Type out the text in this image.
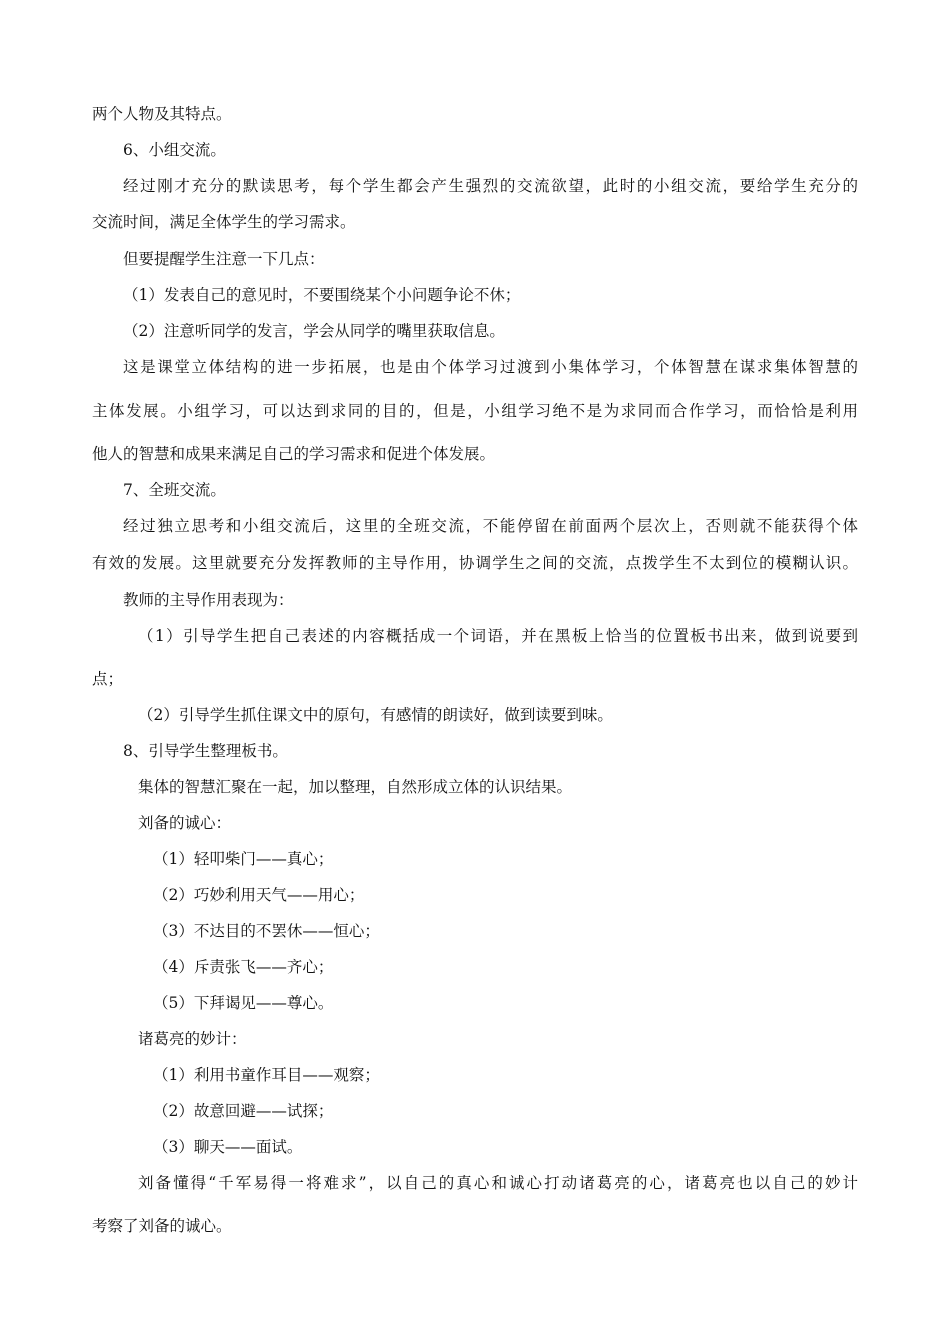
两个人物及其特点。
6、小组交流。
经过刚才充分的默读思考，每个学生都会产生强烈的交流欲望，此时的小组交流，要给学生充分的
交流时间，满足全体学生的学习需求。
但要提醒学生注意一下几点：
（1）发表自己的意见时，不要围绕某个小问题争论不休；
（2）注意听同学的发言，学会从同学的嘴里获取信息。
这是课堂立体结构的进一步拓展，也是由个体学习过渡到小集体学习，个体智慧在谋求集体智慧的
主体发展。小组学习，可以达到求同的目的，但是，小组学习绝不是为求同而合作学习，而恰恰是利用
他人的智慧和成果来满足自己的学习需求和促进个体发展。
7、全班交流。
经过独立思考和小组交流后，这里的全班交流，不能停留在前面两个层次上，否则就不能获得个体
有效的发展。这里就要充分发挥教师的主导作用，协调学生之间的交流，点拨学生不太到位的模糊认识。
教师的主导作用表现为：
（1）引导学生把自己表述的内容概括成一个词语，并在黑板上恰当的位置板书出来，做到说要到
点；
（2）引导学生抓住课文中的原句，有感情的朗读好，做到读要到味。
8、引导学生整理板书。
集体的智慧汇聚在一起，加以整理，自然形成立体的认识结果。
刘备的诚心：
（1）轻叩柴门——真心；
（2）巧妙利用天气——用心；
（3）不达目的不罢休——恒心；
（4）斥责张飞——齐心；
（5）下拜谒见——尊心。
诸葛亮的妙计：
（1）利用书童作耳目——观察；
（2）故意回避——试探；
（3）聊天——面试。
刘备懂得“千军易得一将难求”，以自己的真心和诚心打动诸葛亮的心，诸葛亮也以自己的妙计
考察了刘备的诚心。
